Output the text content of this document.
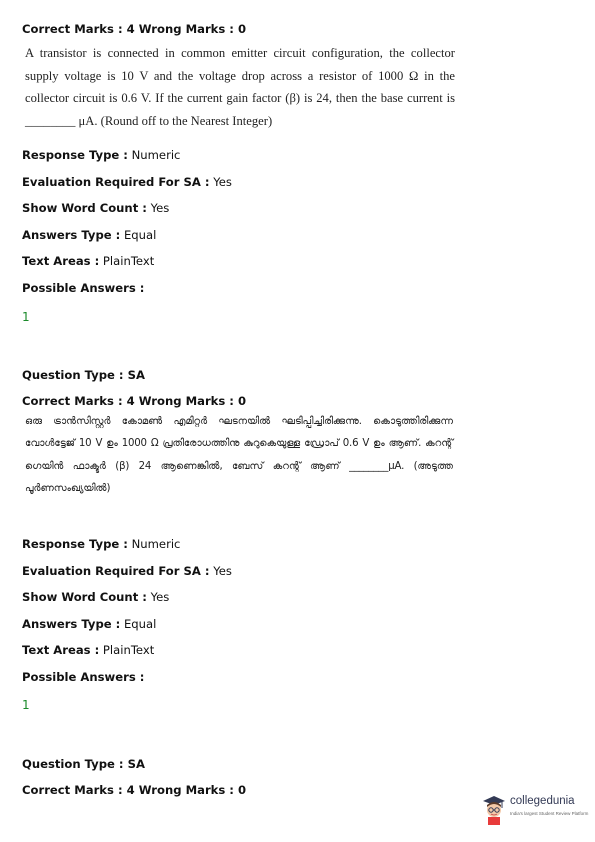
Correct Marks : 4 Wrong Marks : 0
A transistor is connected in common emitter circuit configuration, the collector supply voltage is 10 V and the voltage drop across a resistor of 1000 Ω in the collector circuit is 0.6 V. If the current gain factor (β) is 24, then the base current is ________ μA. (Round off to the Nearest Integer)
Response Type : Numeric
Evaluation Required For SA : Yes
Show Word Count : Yes
Answers Type : Equal
Text Areas : PlainText
Possible Answers :
1
Question Type : SA
Correct Marks : 4 Wrong Marks : 0
ഒരു ട്രാൻസിസ്റ്റർ കോമൺ എമിറ്റർ ഘടനയിൽ ഘടിപ്പിച്ചിരിക്കുന്നു. കൊടുത്തിരിക്കുന്ന വോൾട്ടേജ് 10 V ഉം 1000 Ω പ്രതിരോധത്തിനു കുറുകെയുള്ള ഡ്രോപ് 0.6 V ഉം ആണ്. കറന്റ് ഗെയിൻ ഫാക്ടർ (β) 24 ആണെങ്കിൽ, ബേസ് കറന്റ് ആണ് ________μA. (അടുത്ത പൂർണസംഖ്യയിൽ)
Response Type : Numeric
Evaluation Required For SA : Yes
Show Word Count : Yes
Answers Type : Equal
Text Areas : PlainText
Possible Answers :
1
Question Type : SA
Correct Marks : 4 Wrong Marks : 0
collegedunia
India's largest Student Review Platform
